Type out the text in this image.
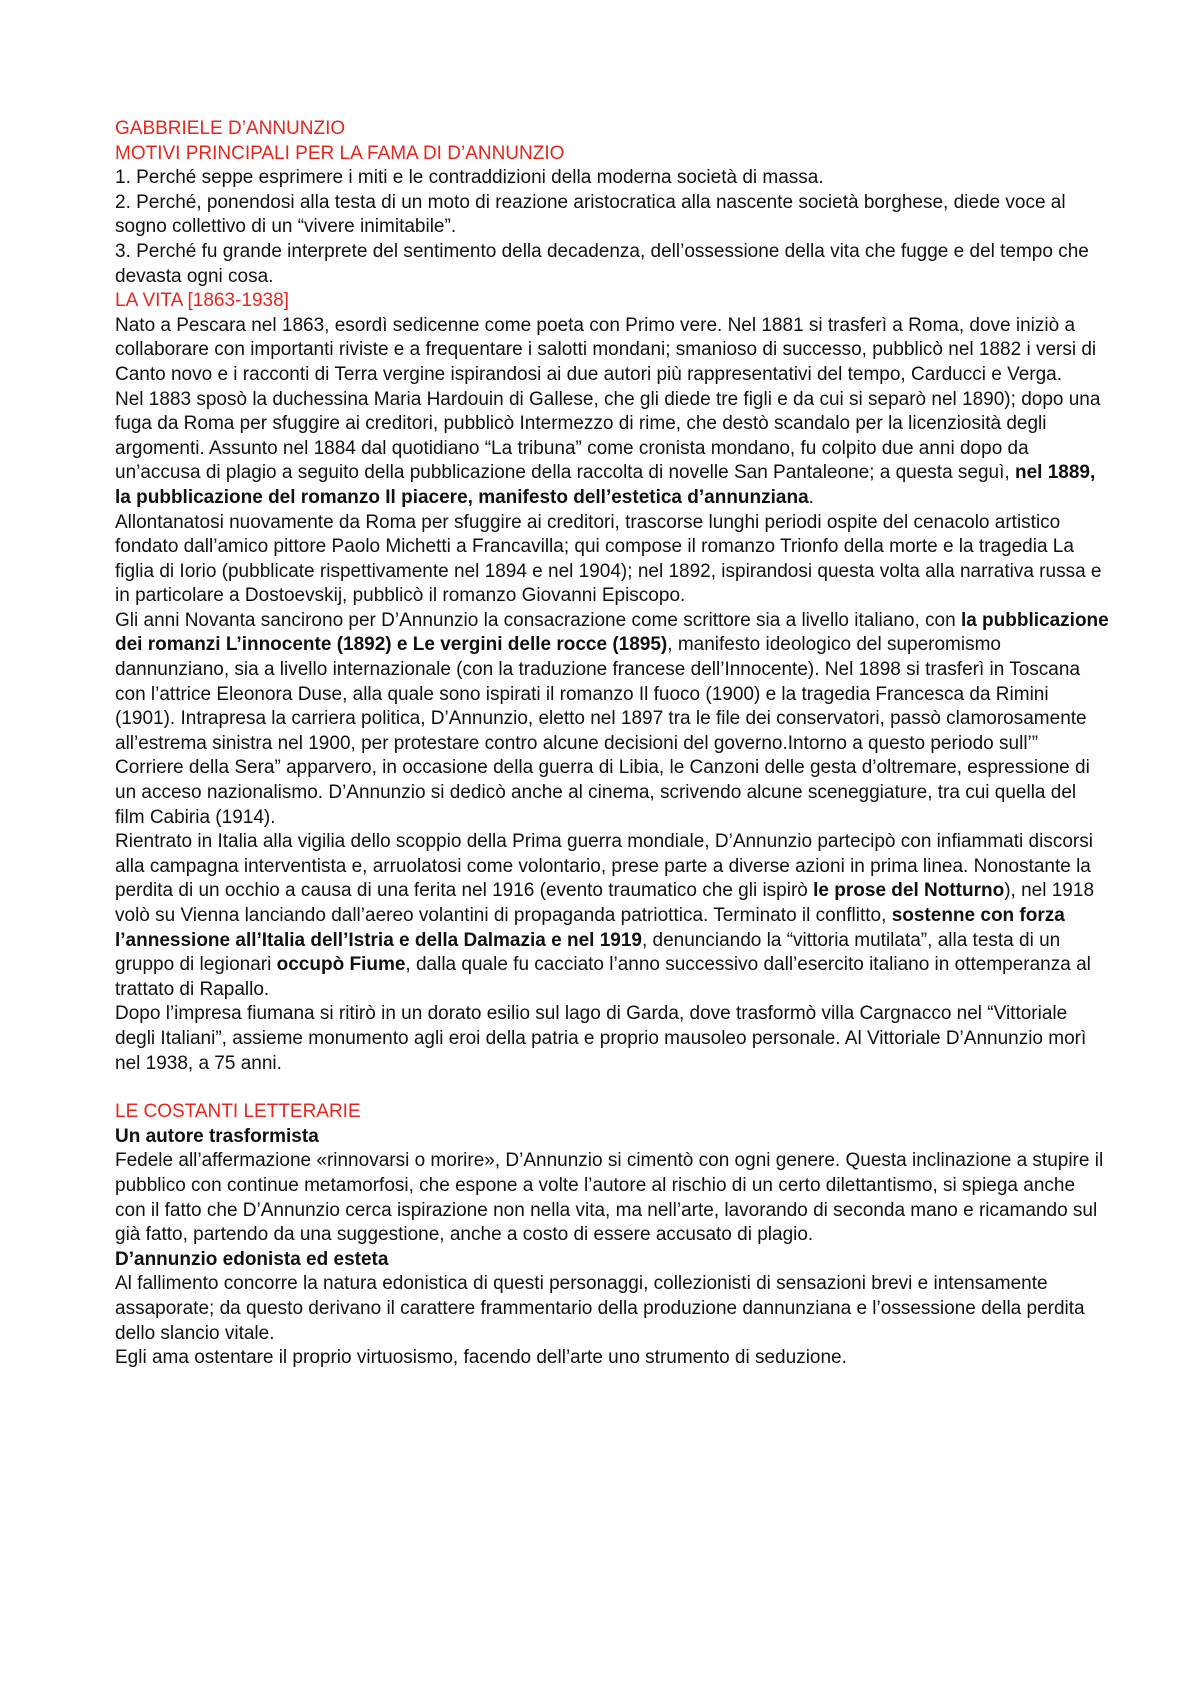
GABBRIELE D’ANNUNZIO

MOTIVI PRINCIPALI PER LA FAMA DI D’ANNUNZIO

1. Perché seppe esprimere i miti e le contraddizioni della moderna società di massa.

2. Perché, ponendosi alla testa di un moto di reazione aristocratica alla nascente società borghese, diede voce al sogno collettivo di un “vivere inimitabile”.

3. Perché fu grande interprete del sentimento della decadenza, dell’ossessione della vita che fugge e del tempo che devasta ogni cosa.

LA VITA [1863-1938]

Nato a Pescara nel 1863, esordì sedicenne come poeta con Primo vere. Nel 1881 si trasferì a Roma, dove iniziò a collaborare con importanti riviste e a frequentare i salotti mondani; smanioso di successo, pubblicò nel 1882 i versi di Canto novo e i racconti di Terra vergine ispirandosi ai due autori più rappresentativi del tempo, Carducci e Verga.

Nel 1883 sposò la duchessina Maria Hardouin di Gallese, che gli diede tre figli e da cui si separò nel 1890); dopo una fuga da Roma per sfuggire ai creditori, pubblicò Intermezzo di rime, che destò scandalo per la licenziosità degli argomenti. Assunto nel 1884 dal quotidiano “La tribuna” come cronista mondano, fu colpito due anni dopo da un’accusa di plagio a seguito della pubblicazione della raccolta di novelle San Pantaleone; a questa seguì, nel 1889, la pubblicazione del romanzo Il piacere, manifesto dell’estetica d’annunziana.

Allontanatosi nuovamente da Roma per sfuggire ai creditori, trascorse lunghi periodi ospite del cenacolo artistico fondato dall’amico pittore Paolo Michetti a Francavilla; qui compose il romanzo Trionfo della morte e la tragedia La figlia di Iorio (pubblicate rispettivamente nel 1894 e nel 1904); nel 1892, ispirandosi questa volta alla narrativa russa e in particolare a Dostoevskij, pubblicò il romanzo Giovanni Episcopo.

Gli anni Novanta sancirono per D’Annunzio la consacrazione come scrittore sia a livello italiano, con la pubblicazione dei romanzi L’innocente (1892) e Le vergini delle rocce (1895), manifesto ideologico del superomismo dannunziano, sia a livello internazionale (con la traduzione francese dell’Innocente). Nel 1898 si trasferì in Toscana con l’attrice Eleonora Duse, alla quale sono ispirati il romanzo Il fuoco (1900) e la tragedia Francesca da Rimini (1901). Intrapresa la carriera politica, D’Annunzio, eletto nel 1897 tra le file dei conservatori, passò clamorosamente all’estrema sinistra nel 1900, per protestare contro alcune decisioni del governo.Intorno a questo periodo sull’” Corriere della Sera” apparvero, in occasione della guerra di Libia, le Canzoni delle gesta d’oltremare, espressione di un acceso nazionalismo. D’Annunzio si dedicò anche al cinema, scrivendo alcune sceneggiature, tra cui quella del film Cabiria (1914).

Rientrato in Italia alla vigilia dello scoppio della Prima guerra mondiale, D’Annunzio partecipò con infiammati discorsi alla campagna interventista e, arruolatosi come volontario, prese parte a diverse azioni in prima linea. Nonostante la perdita di un occhio a causa di una ferita nel 1916 (evento traumatico che gli ispirò le prose del Notturno), nel 1918 volò su Vienna lanciando dall’aereo volantini di propaganda patriottica. Terminato il conflitto, sostenne con forza l’annessione all’Italia dell’Istria e della Dalmazia e nel 1919, denunciando la “vittoria mutilata”, alla testa di un gruppo di legionari occupò Fiume, dalla quale fu cacciato l’anno successivo dall’esercito italiano in ottemperanza al trattato di Rapallo.

Dopo l’impresa fiumana si ritirò in un dorato esilio sul lago di Garda, dove trasformò villa Cargnacco nel “Vittoriale degli Italiani”, assieme monumento agli eroi della patria e proprio mausoleo personale. Al Vittoriale D’Annunzio morì nel 1938, a 75 anni.

LE COSTANTI LETTERARIE

Un autore trasformista

Fedele all’affermazione «rinnovarsi o morire», D’Annunzio si cimentò con ogni genere. Questa inclinazione a stupire il pubblico con continue metamorfosi, che espone a volte l’autore al rischio di un certo dilettantismo, si spiega anche con il fatto che D’Annunzio cerca ispirazione non nella vita, ma nell’arte, lavorando di seconda mano e ricamando sul già fatto, partendo da una suggestione, anche a costo di essere accusato di plagio.

D’annunzio edonista ed esteta

Al fallimento concorre la natura edonistica di questi personaggi, collezionisti di sensazioni brevi e intensamente assaporate; da questo derivano il carattere frammentario della produzione dannunziana e l’ossessione della perdita dello slancio vitale.

Egli ama ostentare il proprio virtuosismo, facendo dell’arte uno strumento di seduzione.
